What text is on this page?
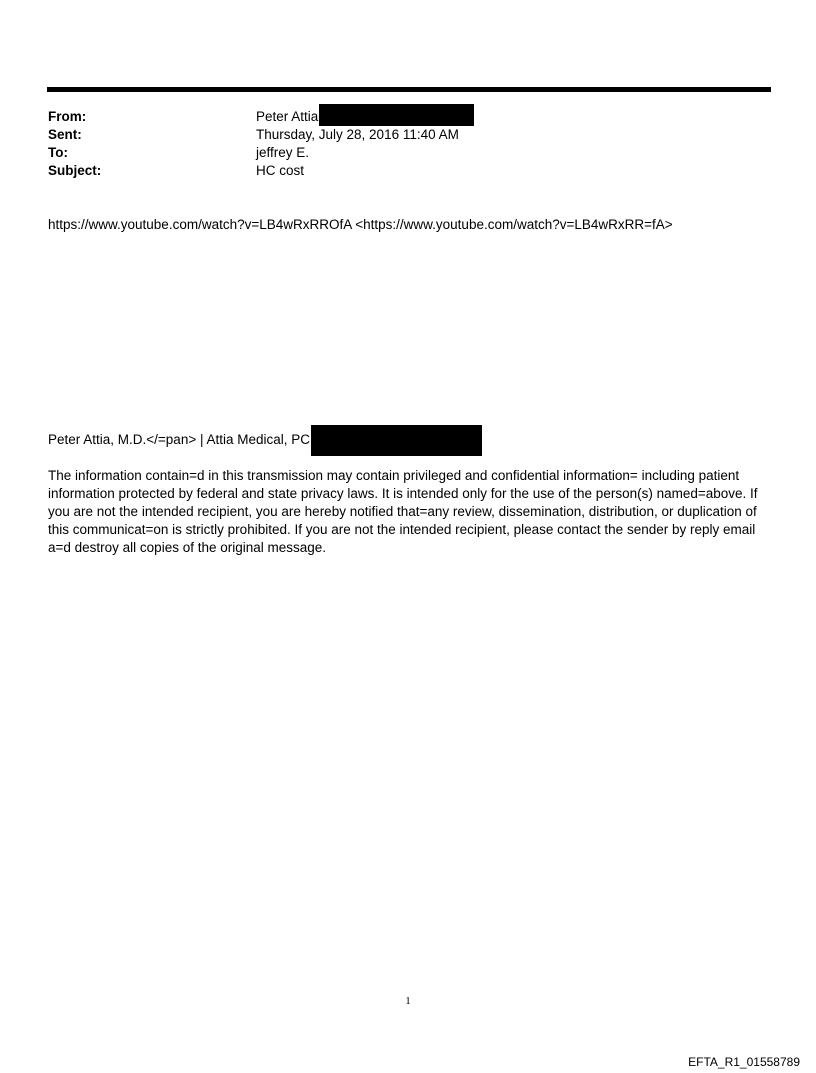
From:	Peter Attia
Sent:	Thursday, July 28, 2016 11:40 AM
To:	jeffrey E.
Subject:	HC cost
https://www.youtube.com/watch?v=LB4wRxRROfA <https://www.youtube.com/watch?v=LB4wRxRR=fA>
Peter Attia, M.D.</=pan> | Attia Medical, PC
The information contain=d in this transmission may contain privileged and confidential information= including patient information protected by federal and state privacy laws. It is intended only for the use of the person(s) named=above. If you are not the intended recipient, you are hereby notified that=any review, dissemination, distribution, or duplication of this communicat=on is strictly prohibited. If you are not the intended recipient, please contact the sender by reply email a=d destroy all copies of the original message.
1
EFTA_R1_01558789
